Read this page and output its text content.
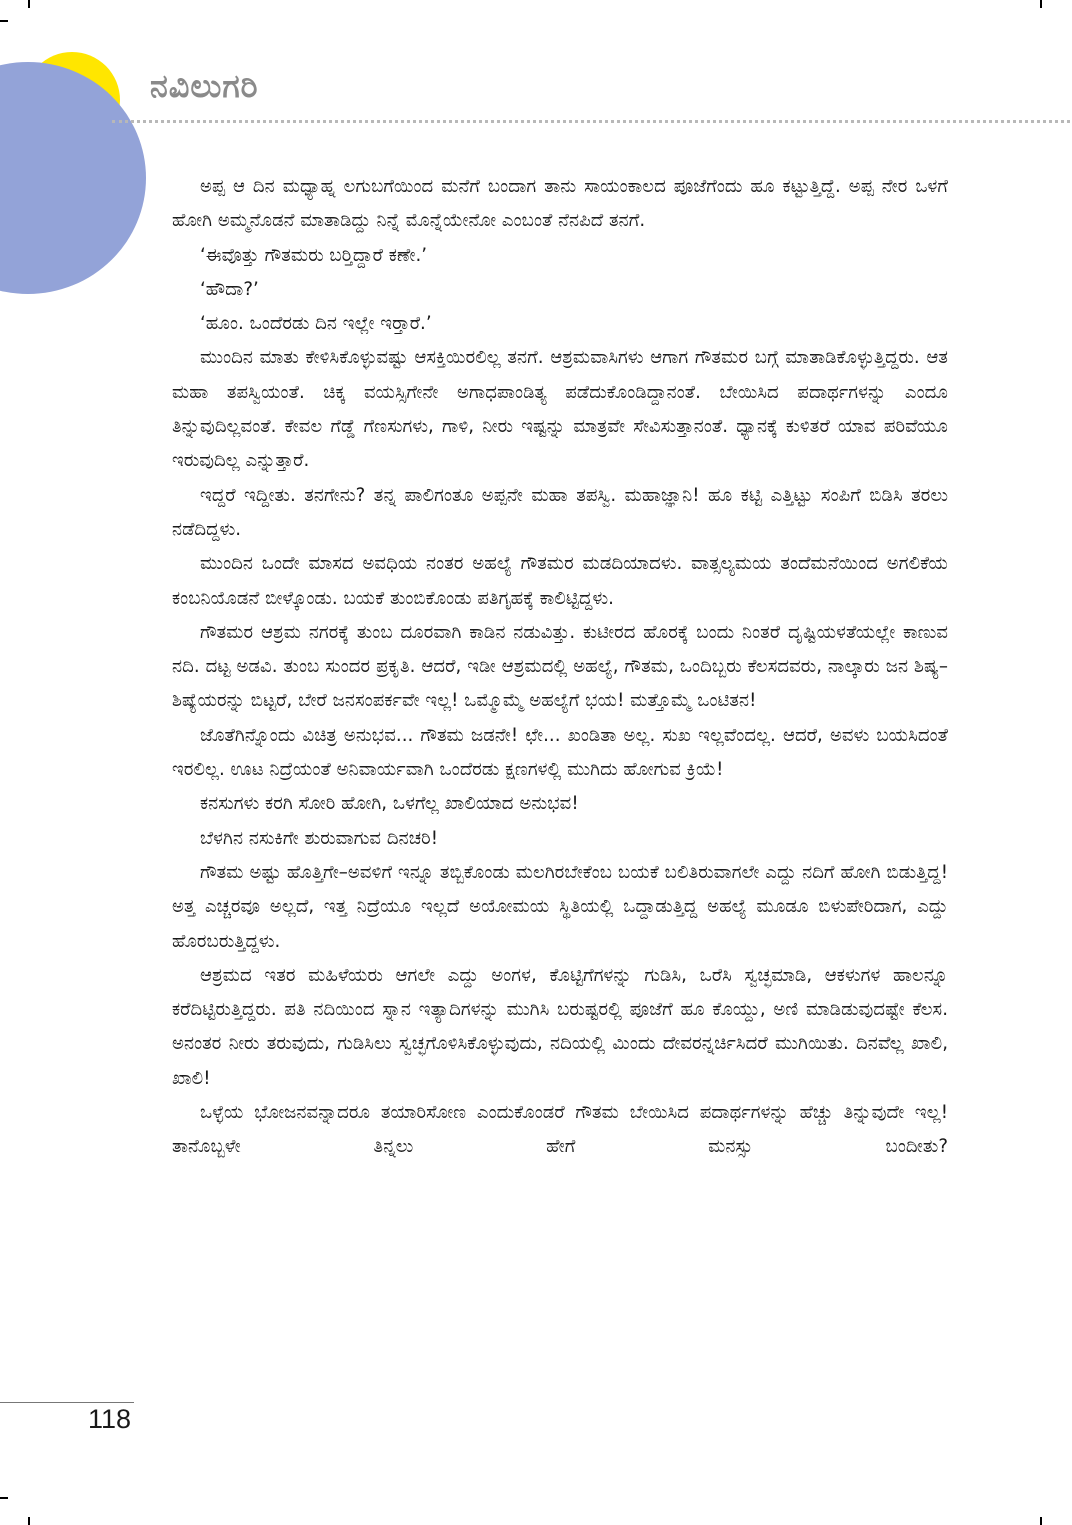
ನವಿಲುಗರಿ

ಅಪ್ಪ ಆ ದಿನ ಮಧ್ಯಾಹ್ನ ಲಗುಬಗೆಯಿಂದ ಮನೆಗೆ ಬಂದಾಗ ತಾನು ಸಾಯಂಕಾಲದ ಪೂಜೆಗೆಂದು ಹೂ ಕಟ್ಟುತ್ತಿದ್ದೆ. ಅಪ್ಪ ನೇರ ಒಳಗೆ ಹೋಗಿ ಅಮ್ಮನೊಡನೆ ಮಾತಾಡಿದ್ದು ನಿನ್ನೆ ಮೊನ್ನೆಯೇನೋ ಎಂಬಂತೆ ನೆನಪಿದೆ ತನಗೆ.

‘ಈವೊತ್ತು ಗೌತಮರು ಬರ‍್ತಿದ್ದಾರೆ ಕಣೇ.’

‘ಹೌದಾ?’

‘ಹೂಂ. ಒಂದೆರಡು ದಿನ ಇಲ್ಲೇ ಇರ‍್ತಾರೆ.’

ಮುಂದಿನ ಮಾತು ಕೇಳಿಸಿಕೊಳ್ಳುವಷ್ಟು ಆಸಕ್ತಿಯಿರಲಿಲ್ಲ ತನಗೆ. ಆಶ್ರಮವಾಸಿಗಳು ಆಗಾಗ ಗೌತಮರ ಬಗ್ಗೆ ಮಾತಾಡಿಕೊಳ್ಳುತ್ತಿದ್ದರು. ಆತ ಮಹಾ ತಪಸ್ವಿಯಂತೆ. ಚಿಕ್ಕ ವಯಸ್ಸಿಗೇನೇ ಅಗಾಧಪಾಂಡಿತ್ಯ ಪಡೆದುಕೊಂಡಿದ್ದಾನಂತೆ. ಬೇಯಿಸಿದ ಪದಾರ್ಥಗಳನ್ನು ಎಂದೂ ತಿನ್ನುವುದಿಲ್ಲವಂತೆ. ಕೇವಲ ಗೆಡ್ಡೆ ಗೆಣಸುಗಳು, ಗಾಳಿ, ನೀರು ಇಷ್ಟನ್ನು ಮಾತ್ರವೇ ಸೇವಿಸುತ್ತಾನಂತೆ. ಧ್ಯಾನಕ್ಕೆ ಕುಳಿತರೆ ಯಾವ ಪರಿವೆಯೂ ಇರುವುದಿಲ್ಲ ಎನ್ನುತ್ತಾರೆ.

ಇದ್ದರೆ ಇದ್ದೀತು. ತನಗೇನು? ತನ್ನ ಪಾಲಿಗಂತೂ ಅಪ್ಪನೇ ಮಹಾ ತಪಸ್ವಿ. ಮಹಾಜ್ಞಾನಿ! ಹೂ ಕಟ್ಟಿ ಎತ್ತಿಟ್ಟು ಸಂಪಿಗೆ ಬಿಡಿಸಿ ತರಲು ನಡೆದಿದ್ದಳು.

ಮುಂದಿನ ಒಂದೇ ಮಾಸದ ಅವಧಿಯ ನಂತರ ಅಹಲ್ಯೆ ಗೌತಮರ ಮಡದಿಯಾದಳು. ವಾತ್ಸಲ್ಯಮಯ ತಂದೆಮನೆಯಿಂದ ಅಗಲಿಕೆಯ ಕಂಬನಿಯೊಡನೆ ಬೀಳ್ಕೊಂಡು. ಬಯಕೆ ತುಂಬಿಕೊಂಡು ಪತಿಗೃಹಕ್ಕೆ ಕಾಲಿಟ್ಟಿದ್ದಳು.

ಗೌತಮರ ಆಶ್ರಮ ನಗರಕ್ಕೆ ತುಂಬ ದೂರವಾಗಿ ಕಾಡಿನ ನಡುವಿತ್ತು. ಕುಟೀರದ ಹೊರಕ್ಕೆ ಬಂದು ನಿಂತರೆ ದೃಷ್ಟಿಯಳತೆಯಲ್ಲೇ ಕಾಣುವ ನದಿ. ದಟ್ಟ ಅಡವಿ. ತುಂಬ ಸುಂದರ ಪ್ರಕೃತಿ. ಆದರೆ, ಇಡೀ ಆಶ್ರಮದಲ್ಲಿ ಅಹಲ್ಯೆ, ಗೌತಮ, ಒಂದಿಬ್ಬರು ಕೆಲಸದವರು, ನಾಲ್ಕಾರು ಜನ ಶಿಷ್ಯ–ಶಿಷ್ಯೆಯರನ್ನು ಬಿಟ್ಟರೆ, ಬೇರೆ ಜನಸಂಪರ್ಕವೇ ಇಲ್ಲ! ಒಮ್ಮೊಮ್ಮೆ ಅಹಲ್ಯೆಗೆ ಭಯ! ಮತ್ತೊಮ್ಮೆ ಒಂಟಿತನ!

ಜೊತೆಗಿನ್ನೊಂದು ವಿಚಿತ್ರ ಅನುಭವ... ಗೌತಮ ಜಡನೇ! ಛೇ... ಖಂಡಿತಾ ಅಲ್ಲ. ಸುಖ ಇಲ್ಲವೆಂದಲ್ಲ. ಆದರೆ, ಅವಳು ಬಯಸಿದಂತೆ ಇರಲಿಲ್ಲ. ಊಟ ನಿದ್ರೆಯಂತೆ ಅನಿವಾರ್ಯವಾಗಿ ಒಂದೆರಡು ಕ್ಷಣಗಳಲ್ಲಿ ಮುಗಿದು ಹೋಗುವ ಕ್ರಿಯೆ!

ಕನಸುಗಳು ಕರಗಿ ಸೋರಿ ಹೋಗಿ, ಒಳಗೆಲ್ಲ ಖಾಲಿಯಾದ ಅನುಭವ!

ಬೆಳಗಿನ ನಸುಕಿಗೇ ಶುರುವಾಗುವ ದಿನಚರಿ!

ಗೌತಮ ಅಷ್ಟು ಹೊತ್ತಿಗೇ–ಅವಳಿಗೆ ಇನ್ನೂ ತಬ್ಬಿಕೊಂಡು ಮಲಗಿರಬೇಕೆಂಬ ಬಯಕೆ ಬಲಿತಿರುವಾಗಲೇ ಎದ್ದು ನದಿಗೆ ಹೋಗಿ ಬಿಡುತ್ತಿದ್ದ! ಅತ್ತ ಎಚ್ಚರವೂ ಅಲ್ಲದೆ, ಇತ್ತ ನಿದ್ರೆಯೂ ಇಲ್ಲದೆ ಅಯೋಮಯ ಸ್ಥಿತಿಯಲ್ಲಿ ಒದ್ದಾಡುತ್ತಿದ್ದ ಅಹಲ್ಯೆ ಮೂಡೂ ಬಿಳುಪೇರಿದಾಗ, ಎದ್ದು ಹೊರಬರುತ್ತಿದ್ದಳು.

ಆಶ್ರಮದ ಇತರ ಮಹಿಳೆಯರು ಆಗಲೇ ಎದ್ದು ಅಂಗಳ, ಕೊಟ್ಟಿಗೆಗಳನ್ನು ಗುಡಿಸಿ, ಒರೆಸಿ ಸ್ವಚ್ಛಮಾಡಿ, ಆಕಳುಗಳ ಹಾಲನ್ನೂ ಕರೆದಿಟ್ಟಿರುತ್ತಿದ್ದರು. ಪತಿ ನದಿಯಿಂದ ಸ್ನಾನ ಇತ್ಯಾದಿಗಳನ್ನು ಮುಗಿಸಿ ಬರುಷ್ಟರಲ್ಲಿ ಪೂಜೆಗೆ ಹೂ ಕೊಯ್ದು, ಅಣಿ ಮಾಡಿಡುವುದಷ್ಟೇ ಕೆಲಸ. ಅನಂತರ ನೀರು ತರುವುದು, ಗುಡಿಸಿಲು ಸ್ವಚ್ಛಗೊಳಿಸಿಕೊಳ್ಳುವುದು, ನದಿಯಲ್ಲಿ ಮಿಂದು ದೇವರನ್ನರ್ಚಿಸಿದರೆ ಮುಗಿಯಿತು. ದಿನವೆಲ್ಲ ಖಾಲಿ, ಖಾಲಿ!

ಒಳ್ಳೆಯ ಭೋಜನವನ್ನಾದರೂ ತಯಾರಿಸೋಣ ಎಂದುಕೊಂಡರೆ ಗೌತಮ ಬೇಯಿಸಿದ ಪದಾರ್ಥಗಳನ್ನು ಹೆಚ್ಚು ತಿನ್ನುವುದೇ ಇಲ್ಲ! ತಾನೊಬ್ಬಳೇ ತಿನ್ನಲು ಹೇಗೆ ಮನಸ್ಸು ಬಂದೀತು?

118
